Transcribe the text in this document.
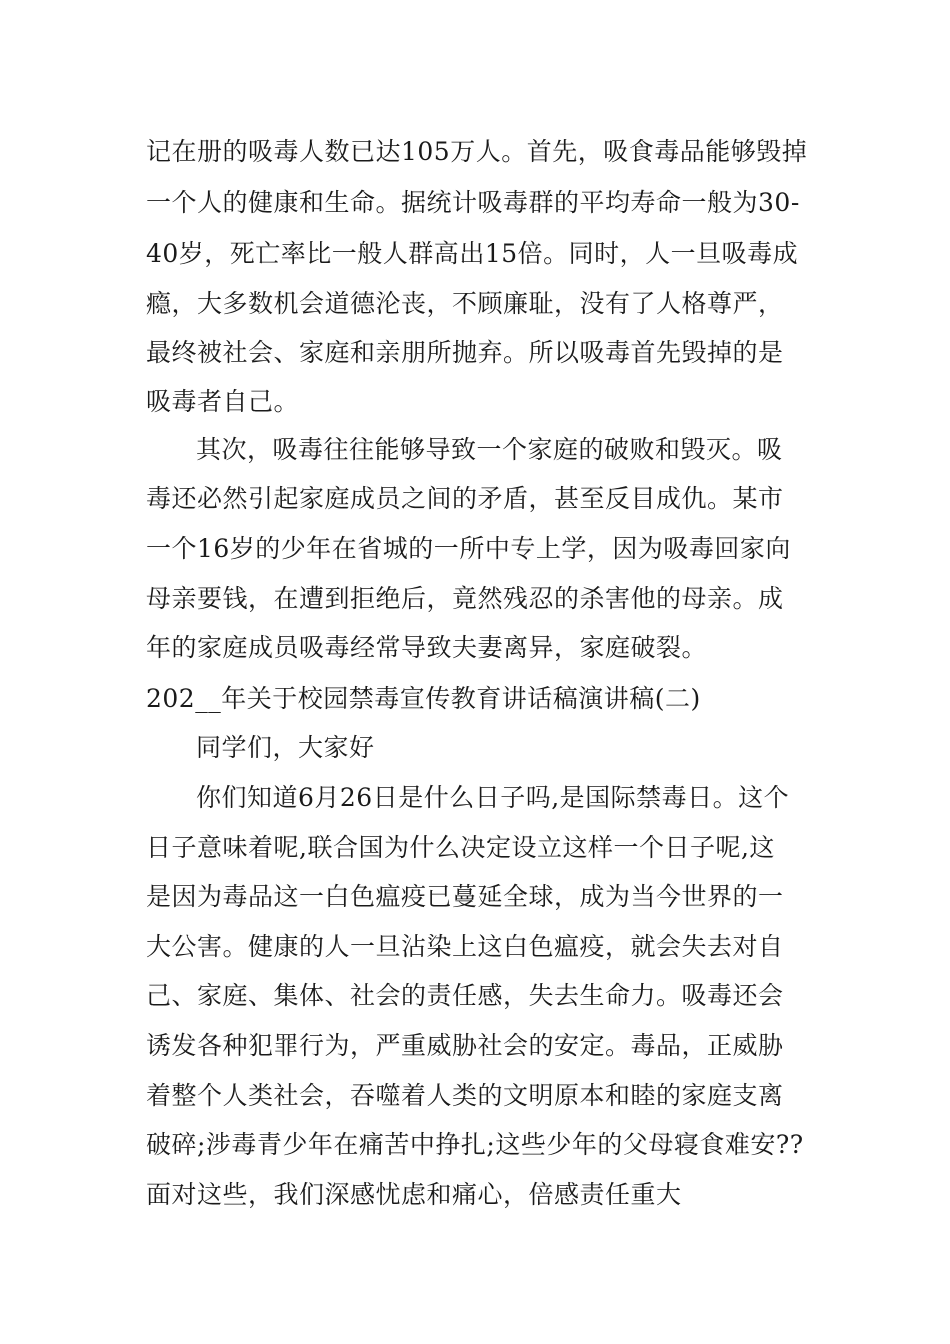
记在册的吸毒人数已达105万人。首先，吸食毒品能够毁掉
一个人的健康和生命。据统计吸毒群的平均寿命一般为30-
40岁，死亡率比一般人群高出15倍。同时，人一旦吸毒成
瘾，大多数机会道德沦丧，不顾廉耻，没有了人格尊严，
最终被社会、家庭和亲朋所抛弃。所以吸毒首先毁掉的是
吸毒者自己。
其次，吸毒往往能够导致一个家庭的破败和毁灭。吸
毒还必然引起家庭成员之间的矛盾，甚至反目成仇。某市
一个16岁的少年在省城的一所中专上学，因为吸毒回家向
母亲要钱，在遭到拒绝后，竟然残忍的杀害他的母亲。成
年的家庭成员吸毒经常导致夫妻离异，家庭破裂。
202__年关于校园禁毒宣传教育讲话稿演讲稿(二)
同学们，大家好
你们知道6月26日是什么日子吗,是国际禁毒日。这个
日子意味着呢,联合国为什么决定设立这样一个日子呢,这
是因为毒品这一白色瘟疫已蔓延全球，成为当今世界的一
大公害。健康的人一旦沾染上这白色瘟疫，就会失去对自
己、家庭、集体、社会的责任感，失去生命力。吸毒还会
诱发各种犯罪行为，严重威胁社会的安定。毒品，正威胁
着整个人类社会，吞噬着人类的文明原本和睦的家庭支离
破碎;涉毒青少年在痛苦中挣扎;这些少年的父母寝食难安??
面对这些，我们深感忧虑和痛心，倍感责任重大
